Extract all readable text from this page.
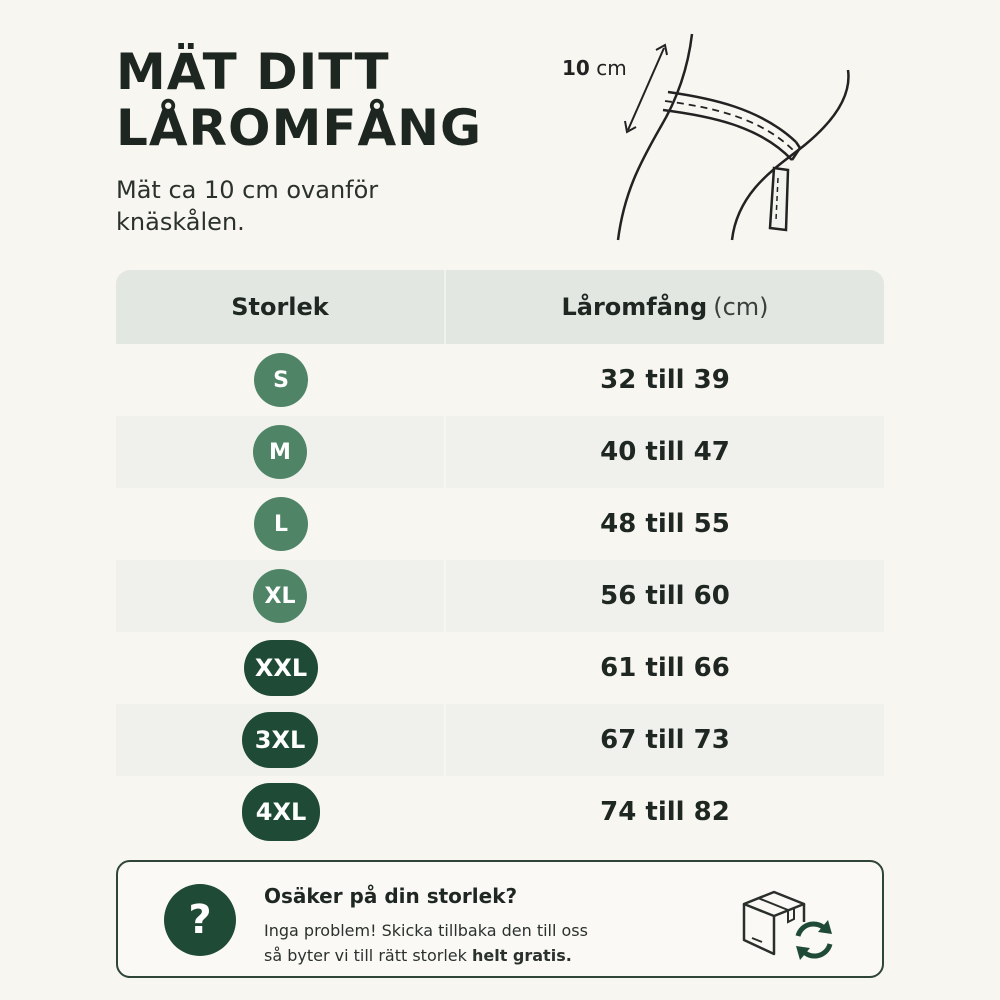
MÄT DITT
LÅROMFÅNG
Mät ca 10 cm ovanför knäskålen.
10 cm
Storlek	Låromfång (cm)
S	32 till 39
M	40 till 47
L	48 till 55
XL	56 till 60
XXL	61 till 66
3XL	67 till 73
4XL	74 till 82
?
Osäker på din storlek?
Inga problem! Skicka tillbaka den till oss
så byter vi till rätt storlek helt gratis.
